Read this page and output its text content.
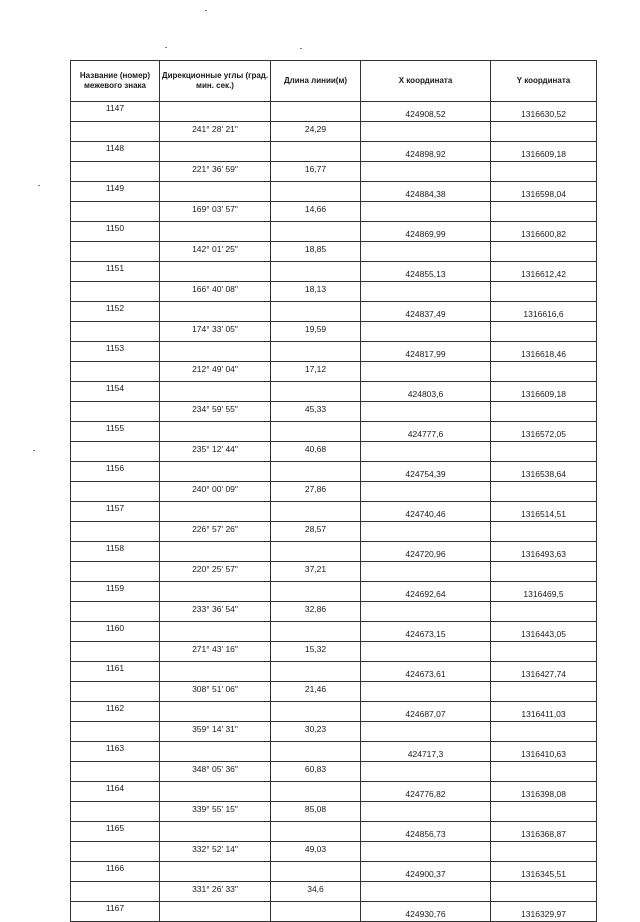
Название (номер) межевого знака	Дирекционные углы (град. мин. сек.)	Длина линии(м)	X координата	Y координата
1147			424908,52	1316630,52
	241° 28' 21"	24,29		
1148			424898,92	1316609,18
	221° 36' 59"	16,77		
1149			424884,38	1316598,04
	169° 03' 57"	14,66		
1150			424869,99	1316600,82
	142° 01' 25"	18,85		
1151			424855,13	1316612,42
	166° 40' 08"	18,13		
1152			424837,49	1316616,6
	174° 33' 05"	19,59		
1153			424817,99	1316618,46
	212° 49' 04"	17,12		
1154			424803,6	1316609,18
	234° 59' 55"	45,33		
1155			424777,6	1316572,05
	235° 12' 44"	40,68		
1156			424754,39	1316538,64
	240° 00' 09"	27,86		
1157			424740,46	1316514,51
	226° 57' 26"	28,57		
1158			424720,96	1316493,63
	220° 25' 57"	37,21		
1159			424692,64	1316469,5
	233° 36' 54"	32,86		
1160			424673,15	1316443,05
	271° 43' 16"	15,32		
1161			424673,61	1316427,74
	308° 51' 06"	21,46		
1162			424687,07	1316411,03
	359° 14' 31"	30,23		
1163			424717,3	1316410,63
	348° 05' 36"	60,83		
1164			424776,82	1316398,08
	339° 55' 15"	85,08		
1165			424856,73	1316368,87
	332° 52' 14"	49,03		
1166			424900,37	1316345,51
	331° 26' 33"	34,6		
1167			424930,76	1316329,97
